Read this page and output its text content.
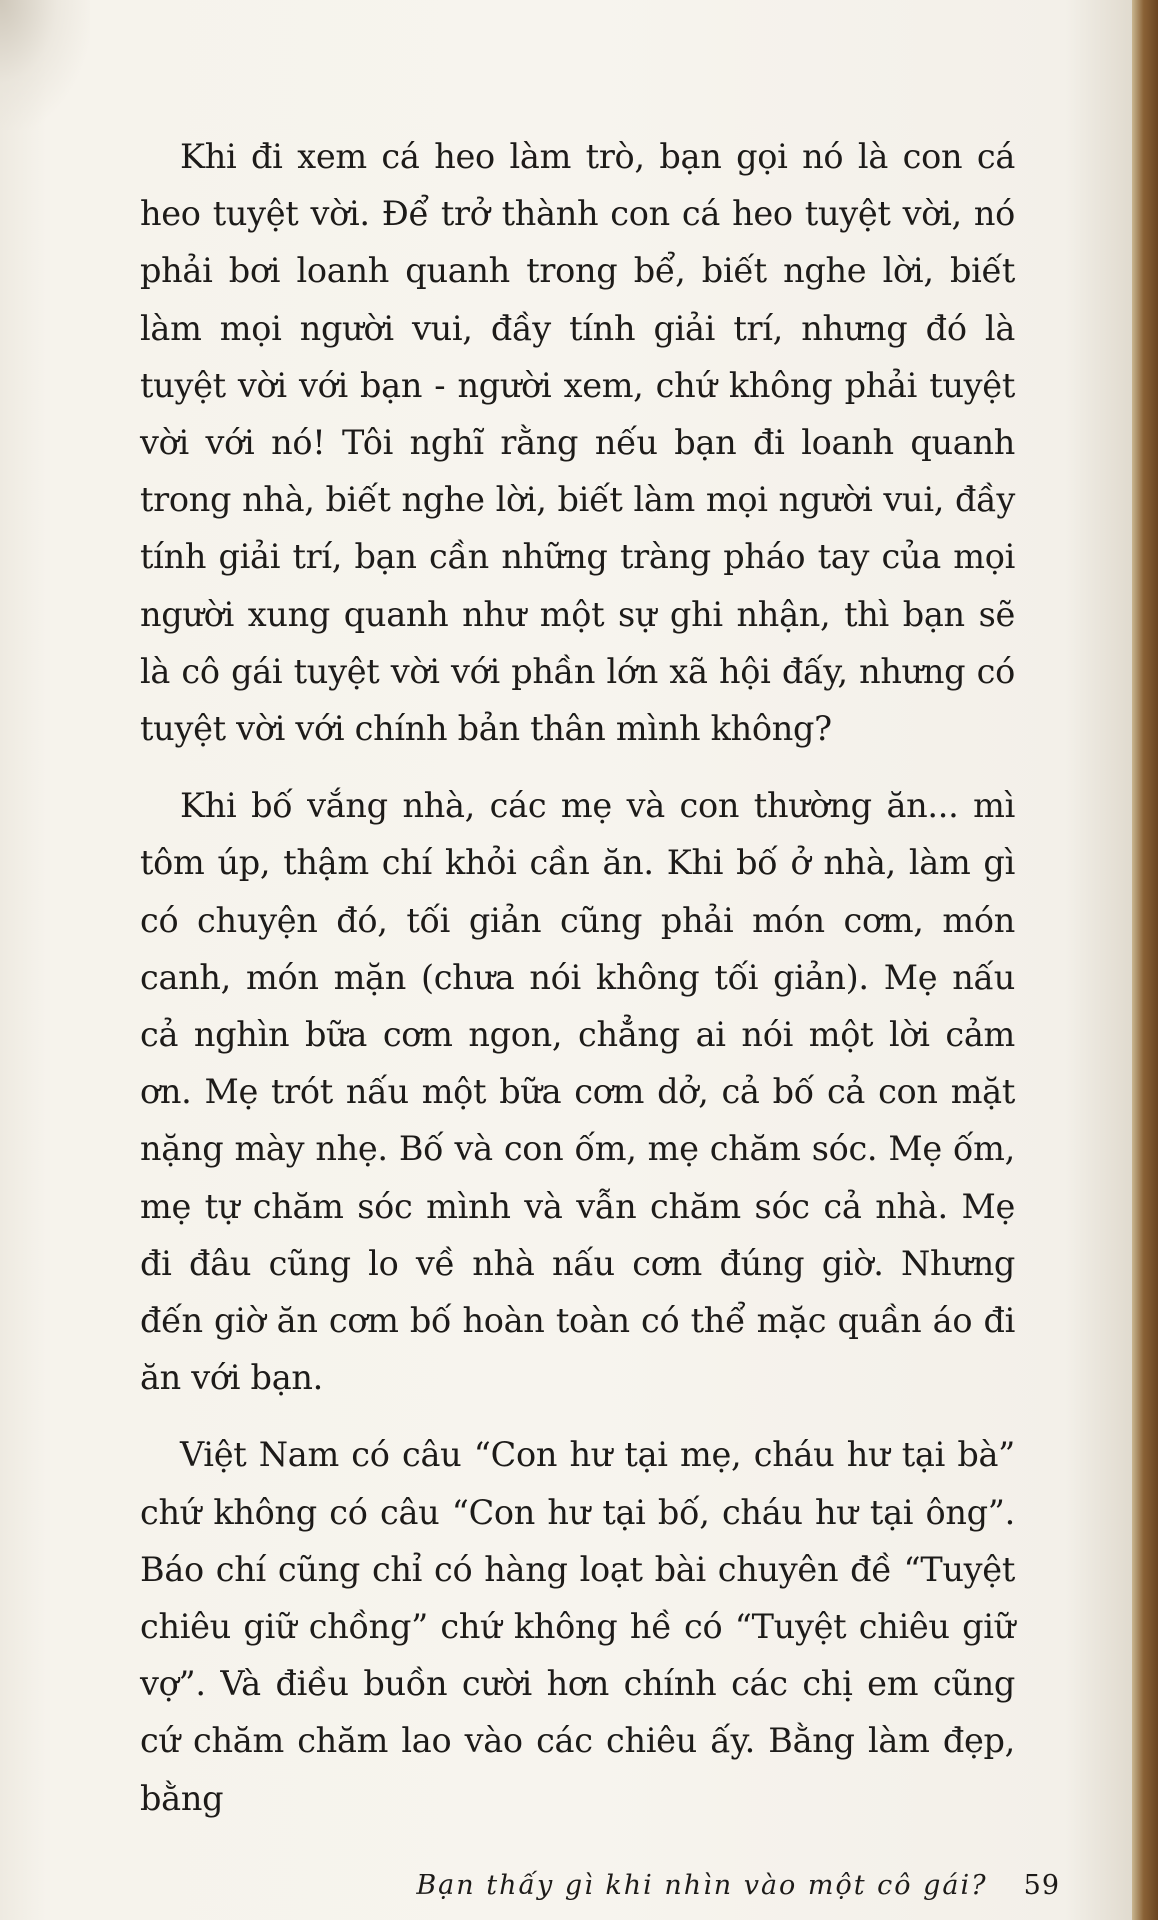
Khi đi xem cá heo làm trò, bạn gọi nó là con cá heo tuyệt vời. Để trở thành con cá heo tuyệt vời, nó phải bơi loanh quanh trong bể, biết nghe lời, biết làm mọi người vui, đầy tính giải trí, nhưng đó là tuyệt vời với bạn - người xem, chứ không phải tuyệt vời với nó! Tôi nghĩ rằng nếu bạn đi loanh quanh trong nhà, biết nghe lời, biết làm mọi người vui, đầy tính giải trí, bạn cần những tràng pháo tay của mọi người xung quanh như một sự ghi nhận, thì bạn sẽ là cô gái tuyệt vời với phần lớn xã hội đấy, nhưng có tuyệt vời với chính bản thân mình không?

Khi bố vắng nhà, các mẹ và con thường ăn... mì tôm úp, thậm chí khỏi cần ăn. Khi bố ở nhà, làm gì có chuyện đó, tối giản cũng phải món cơm, món canh, món mặn (chưa nói không tối giản). Mẹ nấu cả nghìn bữa cơm ngon, chẳng ai nói một lời cảm ơn. Mẹ trót nấu một bữa cơm dở, cả bố cả con mặt nặng mày nhẹ. Bố và con ốm, mẹ chăm sóc. Mẹ ốm, mẹ tự chăm sóc mình và vẫn chăm sóc cả nhà. Mẹ đi đâu cũng lo về nhà nấu cơm đúng giờ. Nhưng đến giờ ăn cơm bố hoàn toàn có thể mặc quần áo đi ăn với bạn.

Việt Nam có câu “Con hư tại mẹ, cháu hư tại bà” chứ không có câu “Con hư tại bố, cháu hư tại ông”. Báo chí cũng chỉ có hàng loạt bài chuyên đề “Tuyệt chiêu giữ chồng” chứ không hề có “Tuyệt chiêu giữ vợ”. Và điều buồn cười hơn chính các chị em cũng cứ chăm chăm lao vào các chiêu ấy. Bằng làm đẹp, bằng

Bạn thấy gì khi nhìn vào một cô gái? 59
